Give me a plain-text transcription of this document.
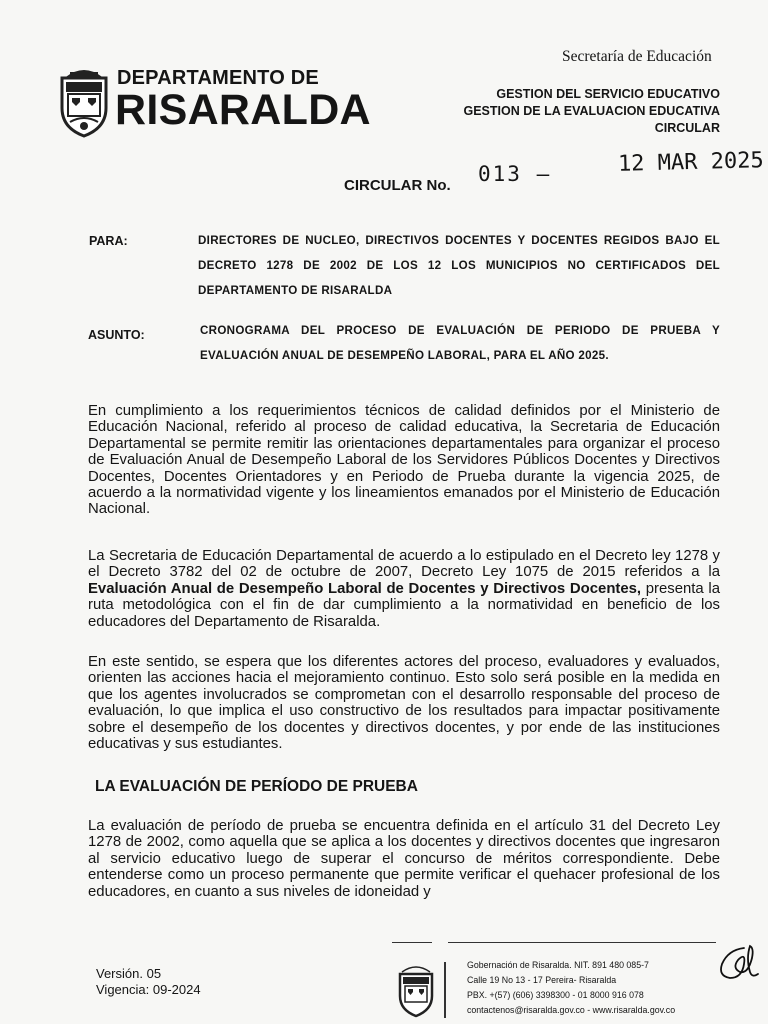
DEPARTAMENTO DE
RISARALDA
Secretaría de Educación
GESTION DEL SERVICIO EDUCATIVO
GESTION DE LA EVALUACION EDUCATIVA
CIRCULAR
CIRCULAR No. 013 —	12 MAR 2025
PARA:	DIRECTORES DE NUCLEO, DIRECTIVOS DOCENTES Y DOCENTES REGIDOS BAJO EL DECRETO 1278 DE 2002 DE LOS 12 LOS MUNICIPIOS NO CERTIFICADOS DEL DEPARTAMENTO DE RISARALDA
ASUNTO:	CRONOGRAMA DEL PROCESO DE EVALUACIÓN DE PERIODO DE PRUEBA Y EVALUACIÓN ANUAL DE DESEMPEÑO LABORAL, PARA EL AÑO 2025.
En cumplimiento a los requerimientos técnicos de calidad definidos por el Ministerio de Educación Nacional, referido al proceso de calidad educativa, la Secretaria de Educación Departamental se permite remitir las orientaciones departamentales para organizar el proceso de Evaluación Anual de Desempeño Laboral de los Servidores Públicos Docentes y Directivos Docentes, Docentes Orientadores y en Periodo de Prueba durante la vigencia 2025, de acuerdo a la normatividad vigente y los lineamientos emanados por el Ministerio de Educación Nacional.
La Secretaria de Educación Departamental de acuerdo a lo estipulado en el Decreto ley 1278 y el Decreto 3782 del 02 de octubre de 2007, Decreto Ley 1075 de 2015 referidos a la Evaluación Anual de Desempeño Laboral de Docentes y Directivos Docentes, presenta la ruta metodológica con el fin de dar cumplimiento a la normatividad en beneficio de los educadores del Departamento de Risaralda.
En este sentido, se espera que los diferentes actores del proceso, evaluadores y evaluados, orienten las acciones hacia el mejoramiento continuo. Esto solo será posible en la medida en que los agentes involucrados se comprometan con el desarrollo responsable del proceso de evaluación, lo que implica el uso constructivo de los resultados para impactar positivamente sobre el desempeño de los docentes y directivos docentes, y por ende de las instituciones educativas y sus estudiantes.
LA EVALUACIÓN DE PERÍODO DE PRUEBA
La evaluación de período de prueba se encuentra definida en el artículo 31 del Decreto Ley 1278 de 2002, como aquella que se aplica a los docentes y directivos docentes que ingresaron al servicio educativo luego de superar el concurso de méritos correspondiente. Debe entenderse como un proceso permanente que permite verificar el quehacer profesional de los educadores, en cuanto a sus niveles de idoneidad y
Versión. 05
Vigencia: 09-2024
Gobernación de Risaralda. NIT. 891 480 085-7
Calle 19 No 13 - 17 Pereira- Risaralda
PBX. +(57) (606) 3398300 - 01 8000 916 078
contactenos@risaralda.gov.co - www.risaralda.gov.co
